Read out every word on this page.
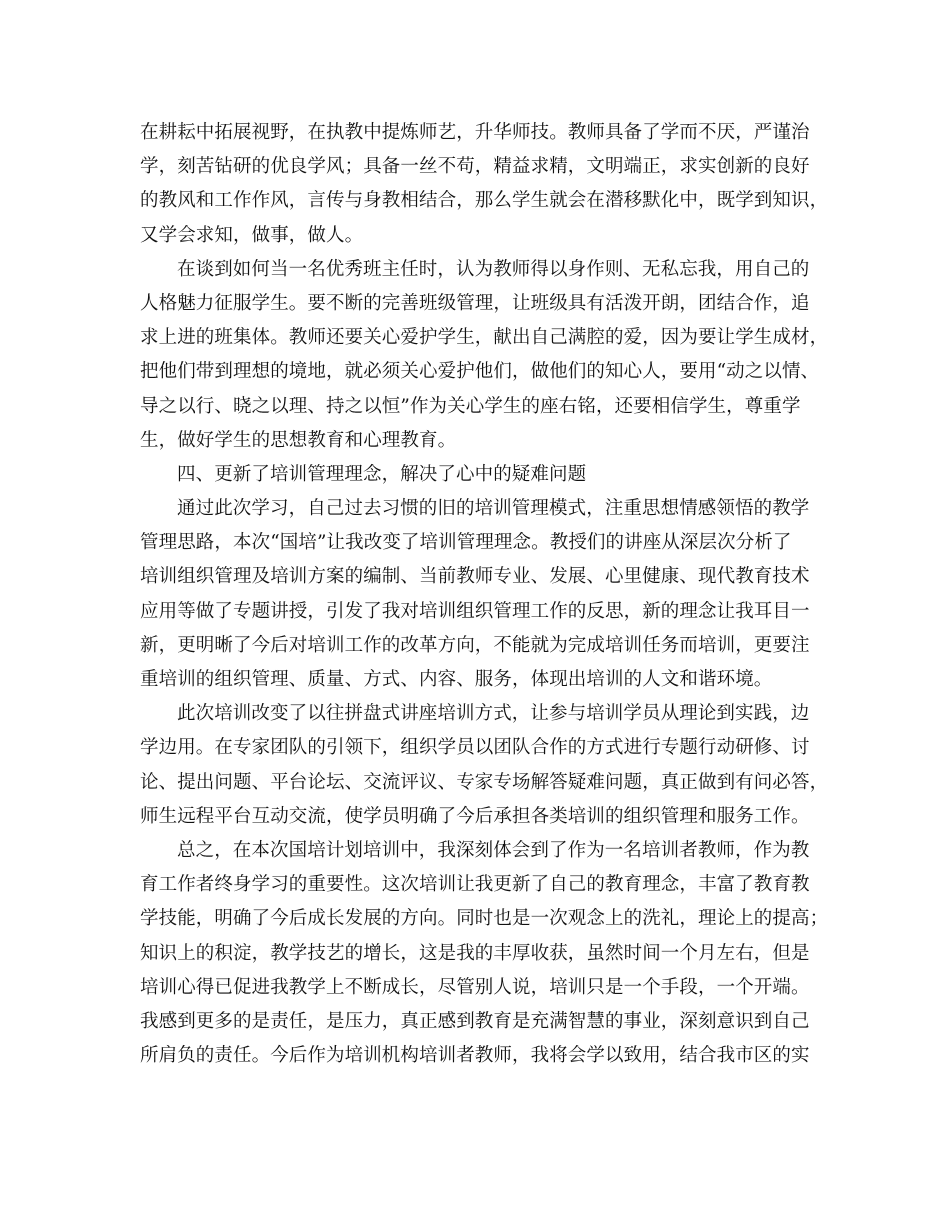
在耕耘中拓展视野，在执教中提炼师艺，升华师技。教师具备了学而不厌，严谨治
学，刻苦钻研的优良学风；具备一丝不苟，精益求精，文明端正，求实创新的良好
的教风和工作作风，言传与身教相结合，那么学生就会在潜移默化中，既学到知识，
又学会求知，做事，做人。
在谈到如何当一名优秀班主任时，认为教师得以身作则、无私忘我，用自己的
人格魅力征服学生。要不断的完善班级管理，让班级具有活泼开朗，团结合作，追
求上进的班集体。教师还要关心爱护学生，献出自己满腔的爱，因为要让学生成材，
把他们带到理想的境地，就必须关心爱护他们，做他们的知心人，要用“动之以情、
导之以行、晓之以理、持之以恒”作为关心学生的座右铭，还要相信学生，尊重学
生，做好学生的思想教育和心理教育。
四、更新了培训管理理念，解决了心中的疑难问题
通过此次学习，自己过去习惯的旧的培训管理模式，注重思想情感领悟的教学
管理思路，本次“国培”让我改变了培训管理理念。教授们的讲座从深层次分析了
培训组织管理及培训方案的编制、当前教师专业、发展、心里健康、现代教育技术
应用等做了专题讲授，引发了我对培训组织管理工作的反思，新的理念让我耳目一
新，更明晰了今后对培训工作的改革方向，不能就为完成培训任务而培训，更要注
重培训的组织管理、质量、方式、内容、服务，体现出培训的人文和谐环境。
此次培训改变了以往拼盘式讲座培训方式，让参与培训学员从理论到实践，边
学边用。在专家团队的引领下，组织学员以团队合作的方式进行专题行动研修、讨
论、提出问题、平台论坛、交流评议、专家专场解答疑难问题，真正做到有问必答，
师生远程平台互动交流，使学员明确了今后承担各类培训的组织管理和服务工作。
总之，在本次国培计划培训中，我深刻体会到了作为一名培训者教师，作为教
育工作者终身学习的重要性。这次培训让我更新了自己的教育理念，丰富了教育教
学技能，明确了今后成长发展的方向。同时也是一次观念上的洗礼，理论上的提高；
知识上的积淀，教学技艺的增长，这是我的丰厚收获，虽然时间一个月左右，但是
培训心得已促进我教学上不断成长，尽管别人说，培训只是一个手段，一个开端。
我感到更多的是责任，是压力，真正感到教育是充满智慧的事业，深刻意识到自己
所肩负的责任。今后作为培训机构培训者教师，我将会学以致用，结合我市区的实
